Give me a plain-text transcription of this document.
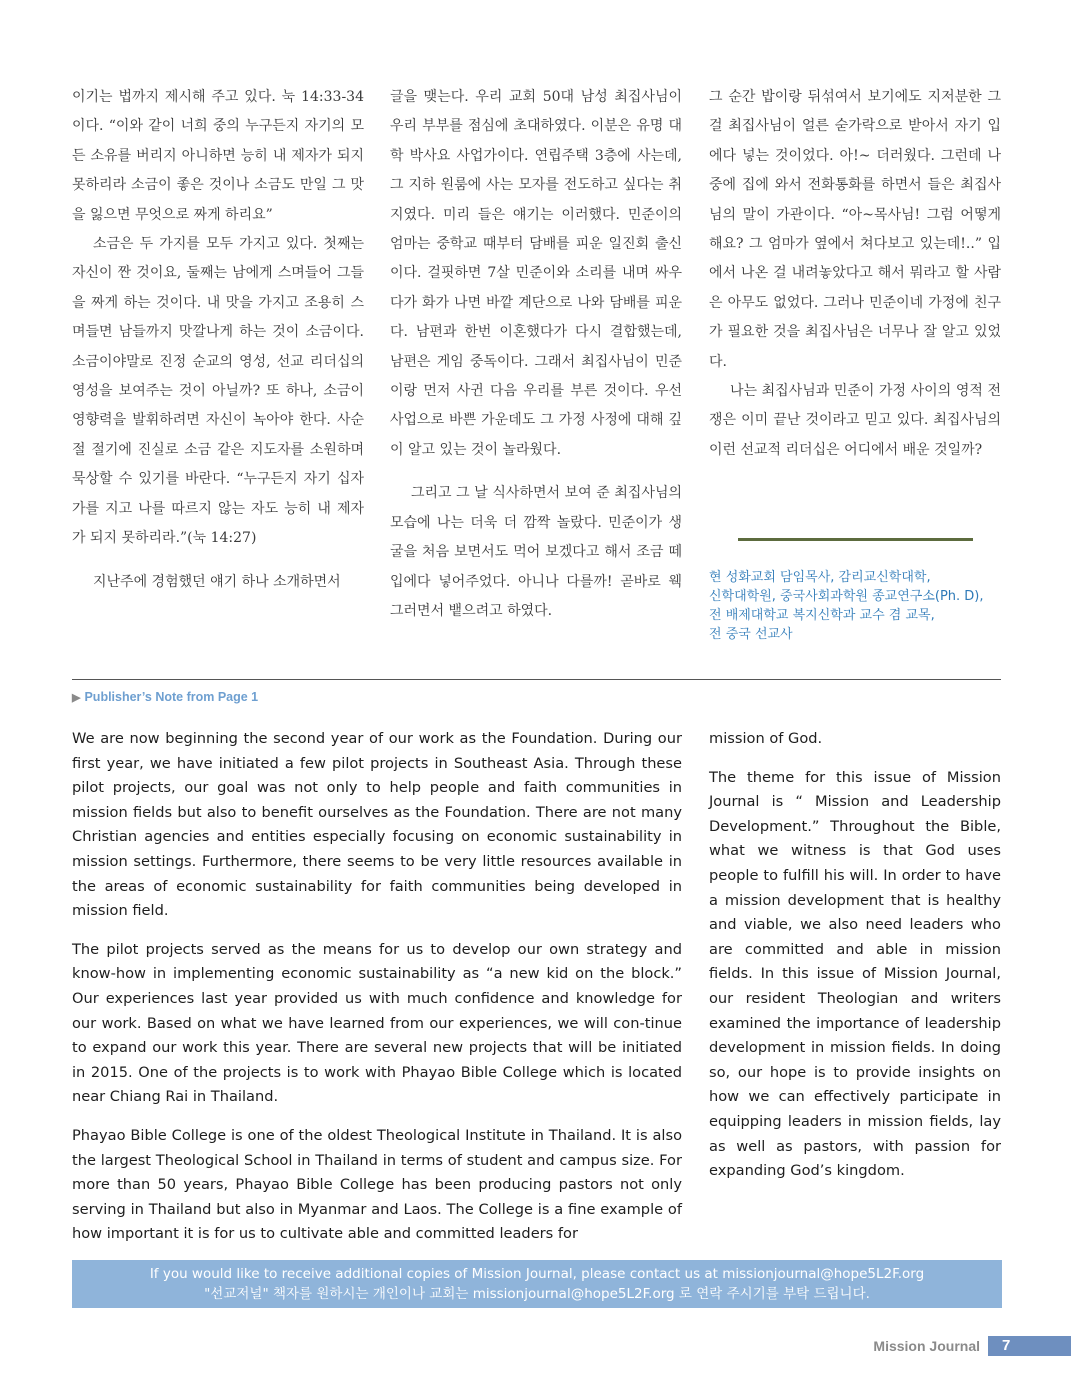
이기는 법까지 제시해 주고 있다. 눅 14:33-34이다. “이와 같이 너희 중의 누구든지 자기의 모든 소유를 버리지 아니하면 능히 내 제자가 되지 못하리라 소금이 좋은 것이나 소금도 만일 그 맛을 잃으면 무엇으로 짜게 하리요”

소금은 두 가지를 모두 가지고 있다. 첫째는 자신이 짠 것이요, 둘째는 남에게 스며들어 그들을 짜게 하는 것이다. 내 맛을 가지고 조용히 스며들면 남들까지 맛깔나게 하는 것이 소금이다. 소금이야말로 진정 순교의 영성, 선교 리더십의 영성을 보여주는 것이 아닐까? 또 하나, 소금이 영향력을 발휘하려면 자신이 녹아야 한다. 사순절 절기에 진실로 소금 같은 지도자를 소원하며 묵상할 수 있기를 바란다. “누구든지 자기 십자가를 지고 나를 따르지 않는 자도 능히 내 제자가 되지 못하리라.”(눅 14:27)

지난주에 경험했던 얘기 하나 소개하면서

글을 맺는다. 우리 교회 50대 남성 최집사님이 우리 부부를 점심에 초대하였다. 이분은 유명 대학 박사요 사업가이다. 연립주택 3층에 사는데, 그 지하 원룸에 사는 모자를 전도하고 싶다는 취지였다. 미리 들은 얘기는 이러했다. 민준이의 엄마는 중학교 때부터 담배를 피운 일진회 출신이다. 걸핏하면 7살 민준이와 소리를 내며 싸우다가 화가 나면 바깥 계단으로 나와 담배를 피운다. 남편과 한번 이혼했다가 다시 결합했는데, 남편은 게임 중독이다. 그래서 최집사님이 민준이랑 먼저 사귄 다음 우리를 부른 것이다. 우선 사업으로 바쁜 가운데도 그 가정 사정에 대해 깊이 알고 있는 것이 놀라웠다.

그리고 그 날 식사하면서 보여 준 최집사님의 모습에 나는 더욱 더 깜짝 놀랐다. 민준이가 생굴을 처음 보면서도 먹어 보겠다고 해서 조금 떼 입에다 넣어주었다. 아니나 다를까! 곧바로 웩 그러면서 뱉으려고 하였다.

그 순간 밥이랑 뒤섞여서 보기에도 지저분한 그걸 최집사님이 얼른 숟가락으로 받아서 자기 입에다 넣는 것이었다. 아!~ 더러웠다. 그런데 나중에 집에 와서 전화통화를 하면서 들은 최집사님의 말이 가관이다. “아~목사님! 그럼 어떻게 해요? 그 엄마가 옆에서 쳐다보고 있는데!..” 입에서 나온 걸 내려놓았다고 해서 뭐라고 할 사람은 아무도 없었다. 그러나 민준이네 가정에 친구가 필요한 것을 최집사님은 너무나 잘 알고 있었다.

나는 최집사님과 민준이 가정 사이의 영적 전쟁은 이미 끝난 것이라고 믿고 있다. 최집사님의 이런 선교적 리더십은 어디에서 배운 것일까?

현 성화교회 담임목사, 감리교신학대학,
신학대학원, 중국사회과학원 종교연구소(Ph. D),
전 배제대학교 복지신학과 교수 겸 교목,
전 중국 선교사
▶ Publisher’s Note from Page 1

We are now beginning the second year of our work as the Foundation. During our first year, we have initiated a few pilot projects in Southeast Asia. Through these pilot projects, our goal was not only to help people and faith communities in mission fields but also to benefit ourselves as the Foundation. There are not many Christian agencies and entities especially focusing on economic sustainability in mission settings. Furthermore, there seems to be very little resources available in the areas of economic sustainability for faith communities being developed in mission field.

The pilot projects served as the means for us to develop our own strategy and know-how in implementing economic sustainability as “a new kid on the block.” Our experiences last year provided us with much confidence and knowledge for our work. Based on what we have learned from our experiences, we will con-tinue to expand our work this year. There are several new projects that will be initiated in 2015. One of the projects is to work with Phayao Bible College which is located near Chiang Rai in Thailand.

Phayao Bible College is one of the oldest Theological Institute in Thailand. It is also the largest Theological School in Thailand in terms of student and campus size. For more than 50 years, Phayao Bible College has been producing pastors not only serving in Thailand but also in Myanmar and Laos. The College is a fine example of how important it is for us to cultivate able and committed leaders for

mission of God.

The theme for this issue of Mission Journal is “ Mission and Leadership Development.” Throughout the Bible, what we witness is that God uses people to fulfill his will. In order to have a mission development that is healthy and viable, we also need leaders who are committed and able in mission fields. In this issue of Mission Journal, our resident Theologian and writers examined the importance of leadership development in mission fields. In doing so, our hope is to provide insights on how we can effectively participate in equipping leaders in mission fields, lay as well as pastors, with passion for expanding God’s kingdom.

If you would like to receive additional copies of Mission Journal, please contact us at missionjournal@hope5L2F.org
"선교저널" 책자를 원하시는 개인이나 교회는 missionjournal@hope5L2F.org 로 연락 주시기를 부탁 드립니다.
Mission Journal	7
